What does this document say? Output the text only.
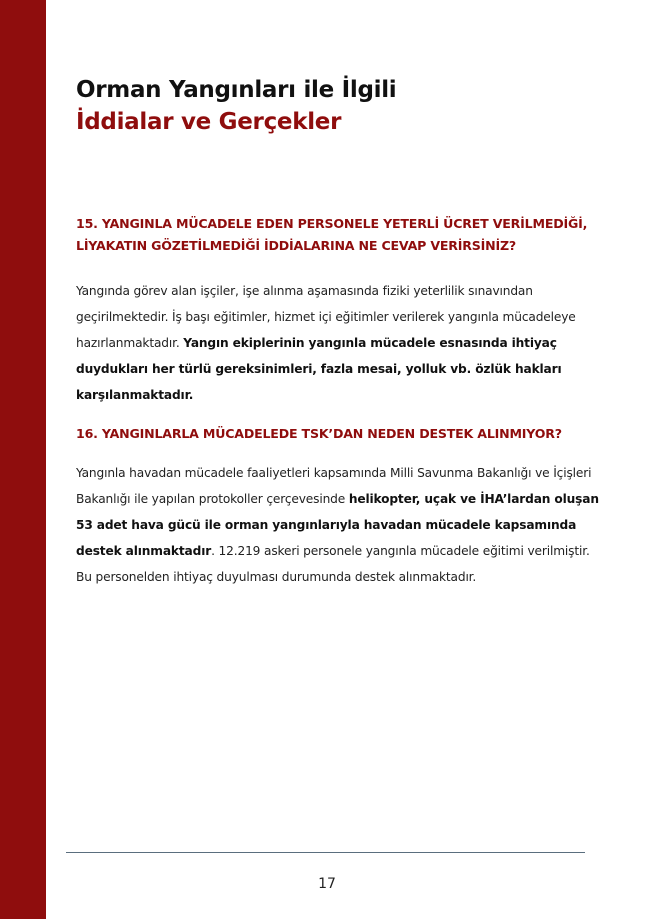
Orman Yangınları ile İlgili
İddialar ve Gerçekler
15. YANGINLA MÜCADELE EDEN PERSONELE YETERLİ ÜCRET VERİLMEDİĞİ,
LİYAKATIN GÖZETİLMEDİĞİ İDDİALARINA NE CEVAP VERİRSİNİZ?
Yangında görev alan işçiler, işe alınma aşamasında fiziki yeterlilik sınavından geçirilmektedir. İş başı eğitimler, hizmet içi eğitimler verilerek yangınla mücadeleye hazırlanmaktadır. Yangın ekiplerinin yangınla mücadele esnasında ihtiyaç duydukları her türlü gereksinimleri, fazla mesai, yolluk vb. özlük hakları karşılanmaktadır.
16. YANGINLARLA MÜCADELEDE TSK’DAN NEDEN DESTEK ALINMIYOR?
Yangınla havadan mücadele faaliyetleri kapsamında Milli Savunma Bakanlığı ve İçişleri Bakanlığı ile yapılan protokoller çerçevesinde helikopter, uçak ve İHA’lardan oluşan 53 adet hava gücü ile orman yangınlarıyla havadan mücadele kapsamında destek alınmaktadır. 12.219 askeri personele yangınla mücadele eğitimi verilmiştir. Bu personelden ihtiyaç duyulması durumunda destek alınmaktadır.
17
